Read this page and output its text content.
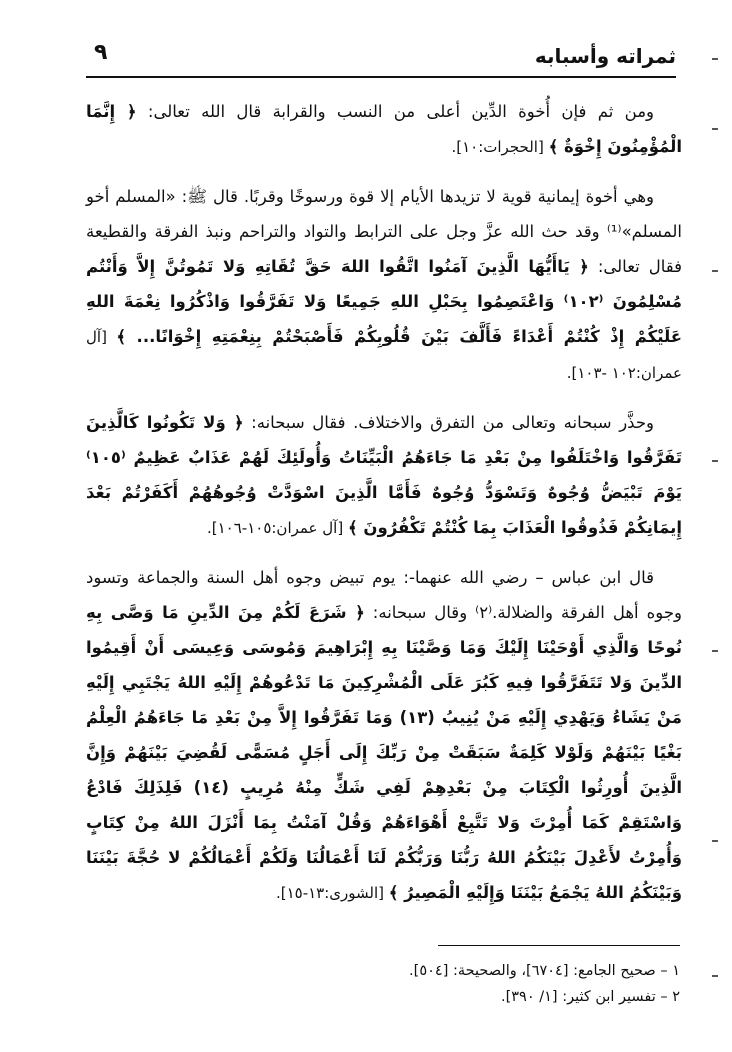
ثمراته وأسبابه
٩

ومن ثم فإن أُخوة الدِّين أعلى من النسب والقرابة قال الله تعالى: ﴿ إِنَّمَا الْمُؤْمِنُونَ إِخْوَةٌ ﴾ [الحجرات:١٠].

وهي أخوة إيمانية قوية لا تزيدها الأيام إلا قوة ورسوخًا وقربًا. قال ﷺ: «المسلم أخو المسلم»⁽¹⁾ وقد حث الله عزَّ وجل على الترابط والتواد والتراحم ونبذ الفرقة والقطيعة فقال تعالى: ﴿ يَاأَيُّهَا الَّذِينَ آمَنُوا اتَّقُوا اللهَ حَقَّ تُقَاتِهِ وَلا تَمُوتُنَّ إِلاَّ وَأَنْتُم مُسْلِمُونَ ⁽١٠٢⁾ وَاعْتَصِمُوا بِحَبْلِ اللهِ جَمِيعًا وَلا تَفَرَّقُوا وَاذْكُرُوا نِعْمَةَ اللهِ عَلَيْكُمْ إِذْ كُنْتُمْ أَعْدَاءً فَأَلَّفَ بَيْنَ قُلُوبِكُمْ فَأَصْبَحْتُمْ بِنِعْمَتِهِ إِخْوَانًا... ﴾ [آل عمران:١٠٢ -١٠٣].

وحذَّر سبحانه وتعالى من التفرق والاختلاف. فقال سبحانه: ﴿ وَلا تَكُونُوا كَالَّذِينَ تَفَرَّقُوا وَاخْتَلَفُوا مِنْ بَعْدِ مَا جَاءَهُمُ الْبَيِّنَاتُ وَأُولَئِكَ لَهُمْ عَذَابٌ عَظِيمٌ ⁽١٠٥⁾ يَوْمَ تَبْيَضُّ وُجُوهٌ وَتَسْوَدُّ وُجُوهٌ فَأَمَّا الَّذِينَ اسْوَدَّتْ وُجُوهُهُمْ أَكَفَرْتُمْ بَعْدَ إِيمَانِكُمْ فَذُوقُوا الْعَذَابَ بِمَا كُنْتُمْ تَكْفُرُونَ ﴾ [آل عمران:١٠٥-١٠٦].

قال ابن عباس – رضي الله عنهما-: يوم تبيض وجوه أهل السنة والجماعة وتسود وجوه أهل الفرقة والضلالة.⁽٢⁾ وقال سبحانه: ﴿ شَرَعَ لَكُمْ مِنَ الدِّينِ مَا وَصَّى بِهِ نُوحًا وَالَّذِي أَوْحَيْنَا إِلَيْكَ وَمَا وَصَّيْنَا بِهِ إِبْرَاهِيمَ وَمُوسَى وَعِيسَى أَنْ أَقِيمُوا الدِّينَ وَلا تَتَفَرَّقُوا فِيهِ كَبُرَ عَلَى الْمُشْرِكِينَ مَا تَدْعُوهُمْ إِلَيْهِ اللهُ يَجْتَبِي إِلَيْهِ مَنْ يَشَاءُ وَيَهْدِي إِلَيْهِ مَنْ يُنِيبُ (١٣) وَمَا تَفَرَّقُوا إِلاَّ مِنْ بَعْدِ مَا جَاءَهُمُ الْعِلْمُ بَغْيًا بَيْنَهُمْ وَلَوْلا كَلِمَةٌ سَبَقَتْ مِنْ رَبِّكَ إِلَى أَجَلٍ مُسَمًّى لَقُضِيَ بَيْنَهُمْ وَإِنَّ الَّذِينَ أُورِثُوا الْكِتَابَ مِنْ بَعْدِهِمْ لَفِي شَكٍّ مِنْهُ مُرِيبٍ (١٤) فَلِذَلِكَ فَادْعُ وَاسْتَقِمْ كَمَا أُمِرْتَ وَلا تَتَّبِعْ أَهْوَاءَهُمْ وَقُلْ آمَنْتُ بِمَا أَنْزَلَ اللهُ مِنْ كِتَابٍ وَأُمِرْتُ لأَعْدِلَ بَيْنَكُمُ اللهُ رَبُّنَا وَرَبُّكُمْ لَنَا أَعْمَالُنَا وَلَكُمْ أَعْمَالُكُمْ لا حُجَّةَ بَيْنَنَا وَبَيْنَكُمُ اللهُ يَجْمَعُ بَيْنَنَا وَإِلَيْهِ الْمَصِيرُ ﴾ [الشورى:١٣-١٥].

١ – صحيح الجامع: [٦٧٠٤]، والصحيحة: [٥٠٤].
٢ – تفسير ابن كثير: [١/ ٣٩٠].
